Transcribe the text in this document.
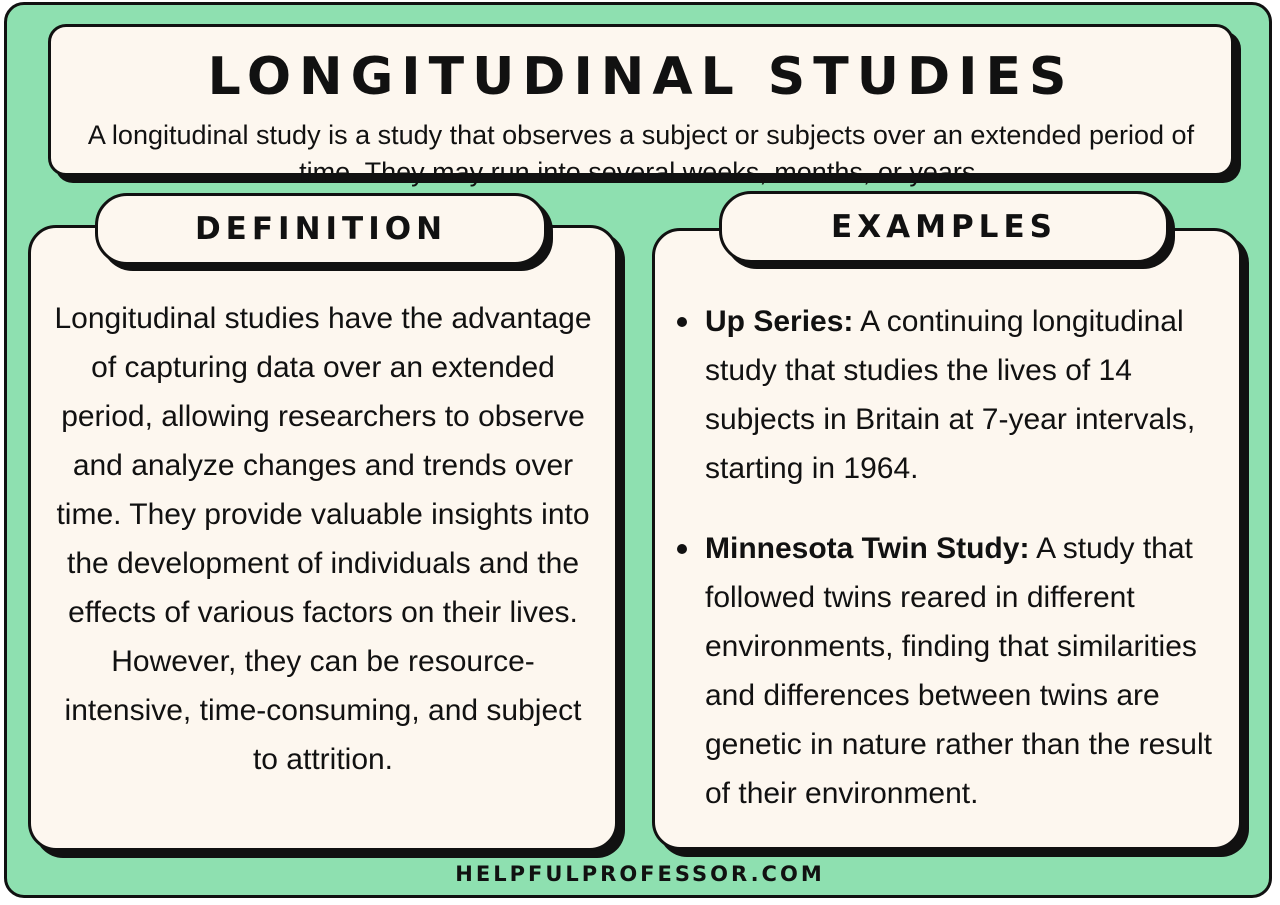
LONGITUDINAL STUDIES
A longitudinal study is a study that observes a subject or subjects over an extended period of time. They may run into several weeks, months, or years.
Longitudinal studies have the advantage of capturing data over an extended period, allowing researchers to observe and analyze changes and trends over time. They provide valuable insights into the development of individuals and the effects of various factors on their lives. However, they can be resource-intensive, time-consuming, and subject to attrition.
DEFINITION
Up Series: A continuing longitudinal study that studies the lives of 14 subjects in Britain at 7-year intervals, starting in 1964.
Minnesota Twin Study: A study that followed twins reared in different environments, finding that similarities and differences between twins are genetic in nature rather than the result of their environment.
EXAMPLES
HELPFULPROFESSOR.COM
